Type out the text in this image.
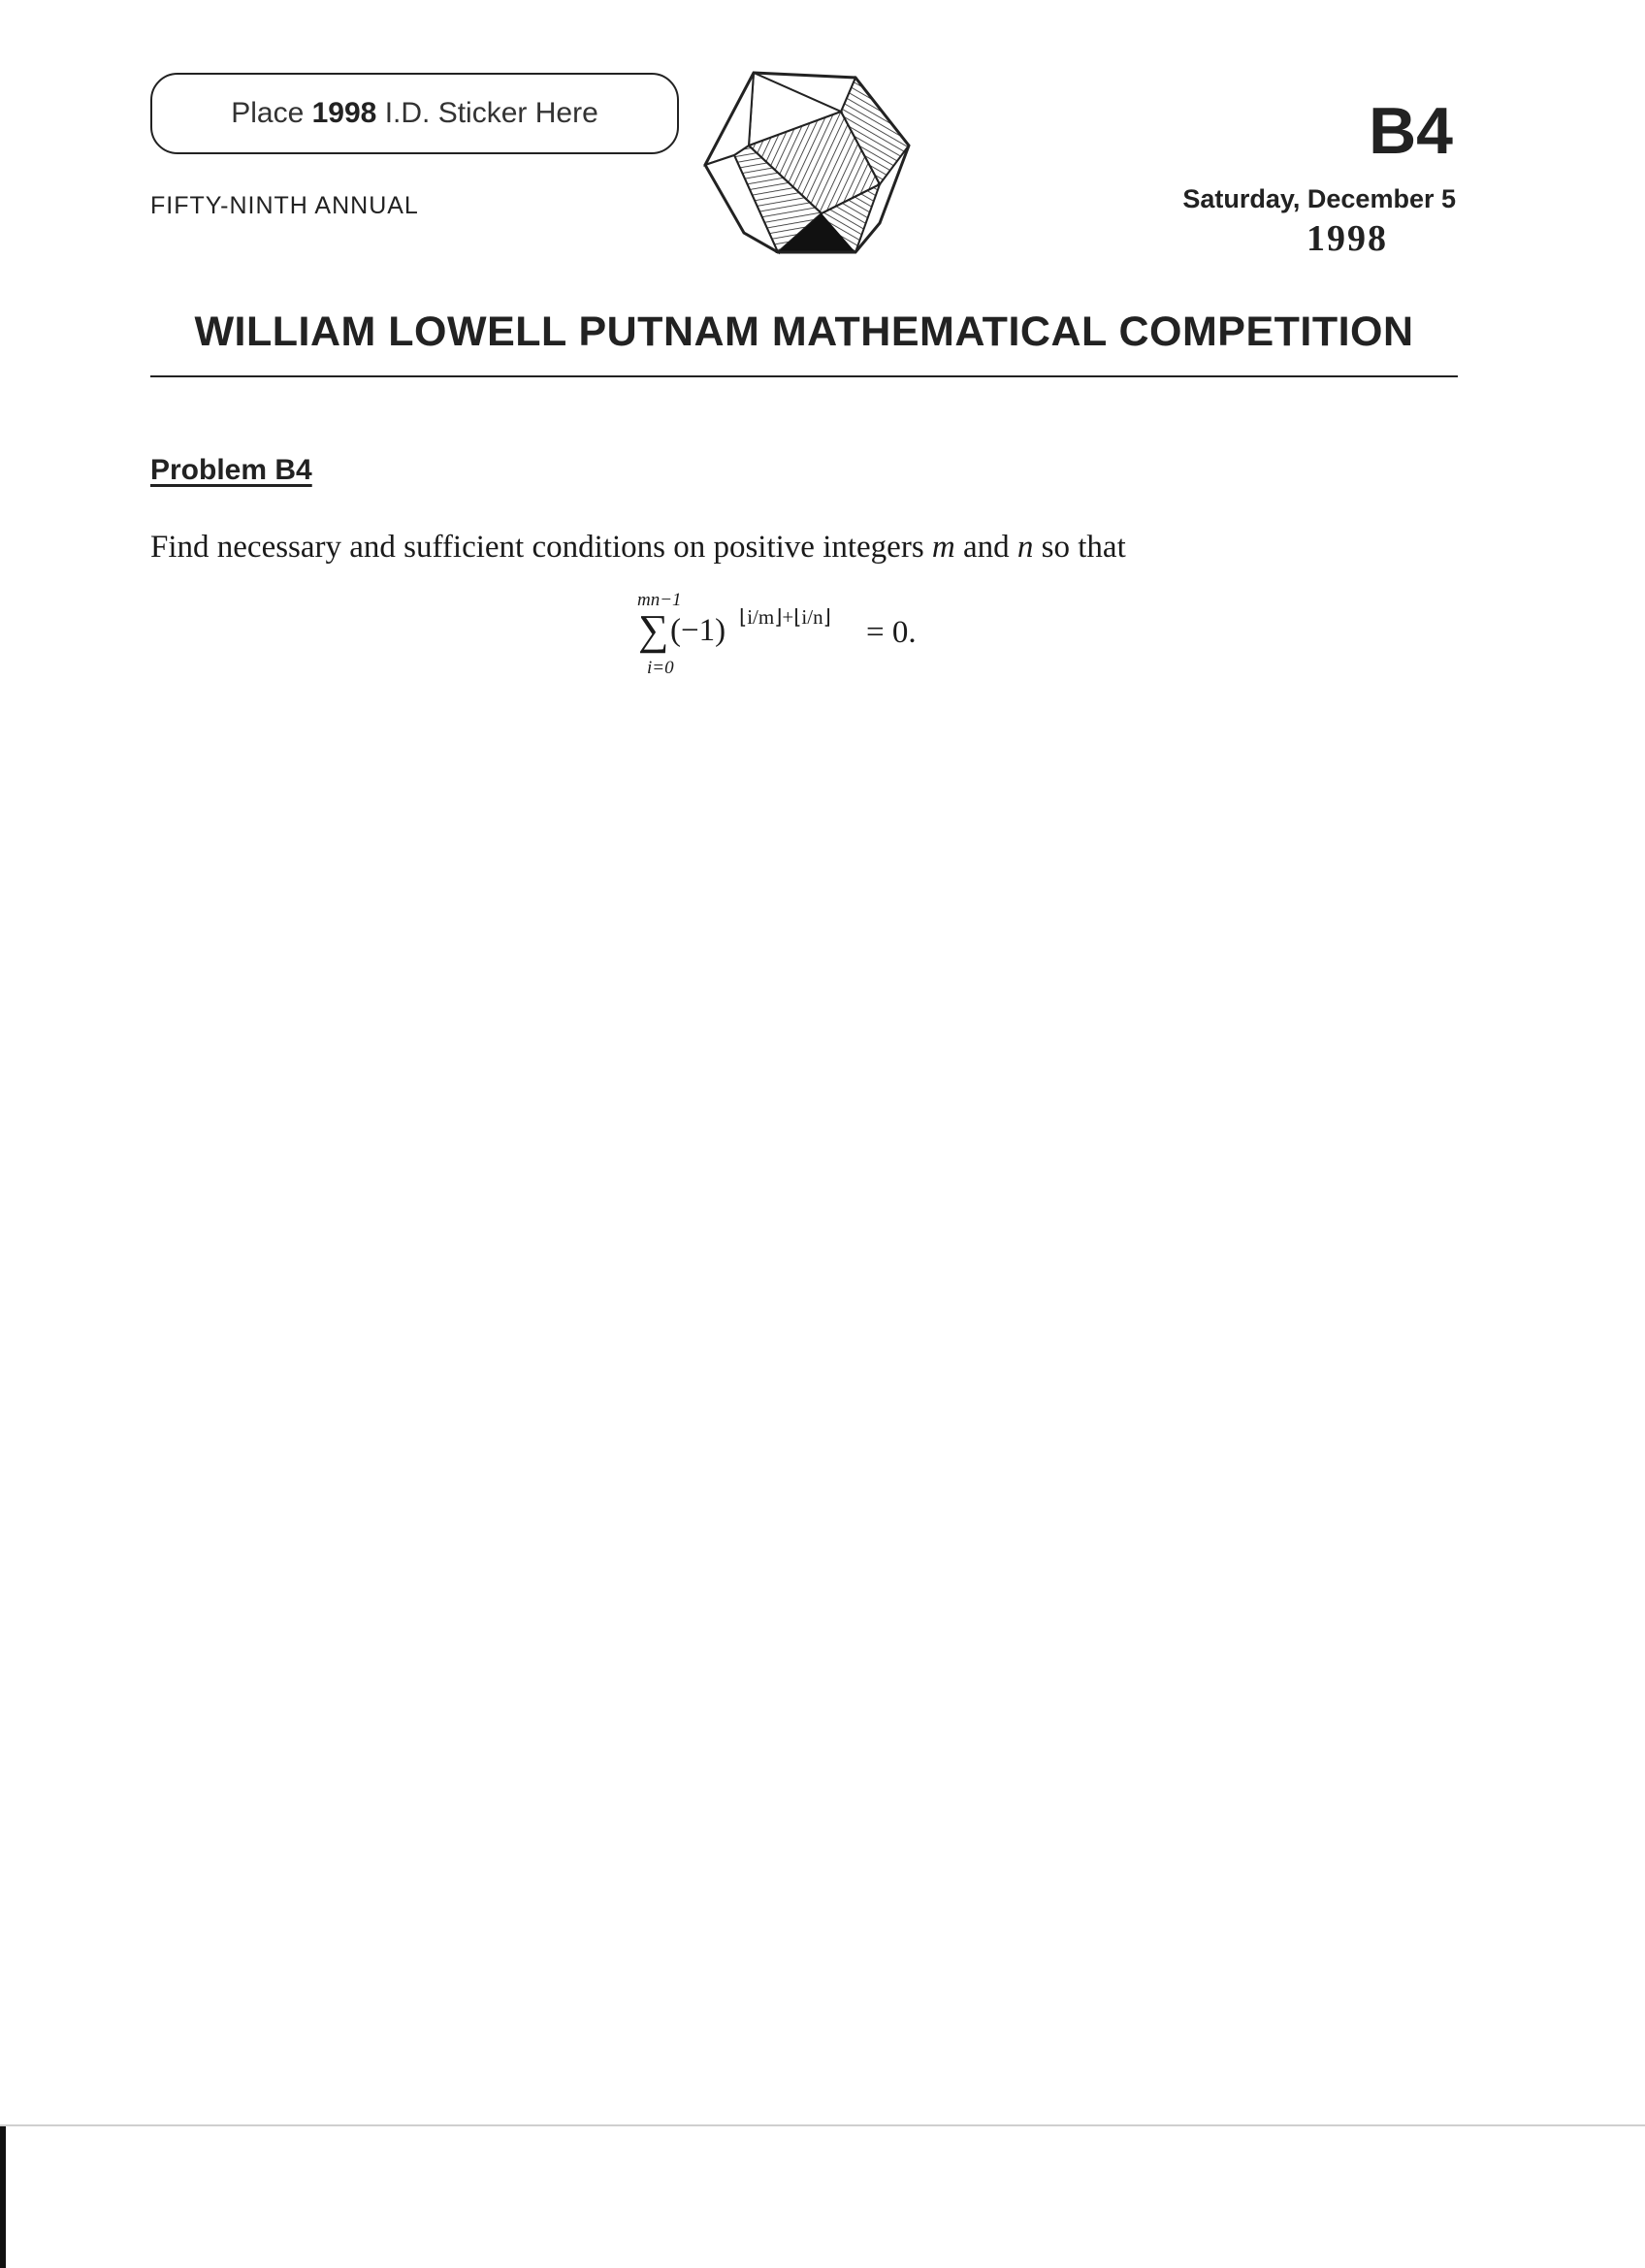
Place
1998
I.D. Sticker Here
FIFTY-NINTH ANNUAL
B4
Saturday, December 5
1998
WILLIAM LOWELL PUTNAM MATHEMATICAL COMPETITION
Problem B4
Find necessary and sufficient conditions on positive integers m and n so that
mn−1
∑
i=0
(−1) ⌊i/m⌋+⌊i/n⌋ = 0.
